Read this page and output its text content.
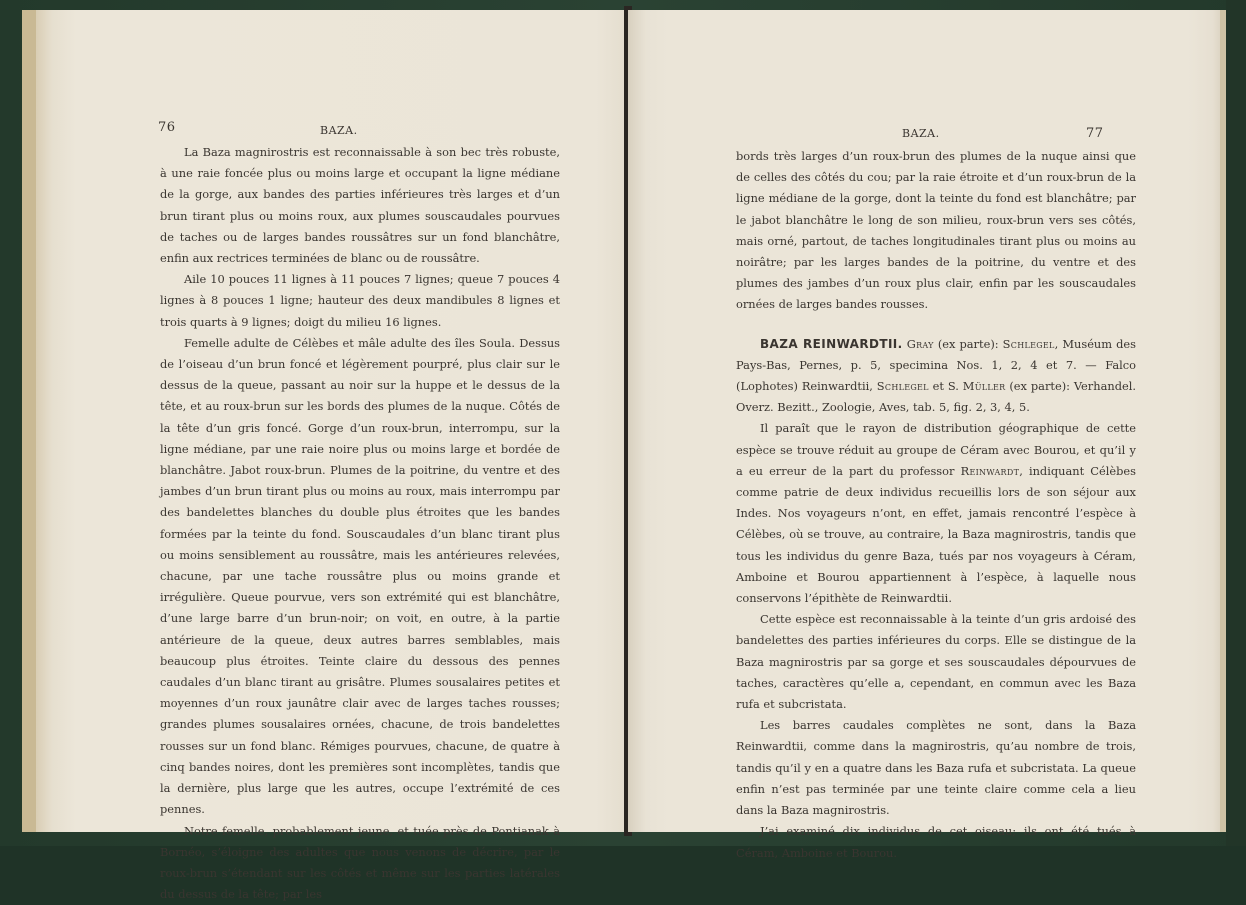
76	BAZA.

La Baza magnirostris est reconnaissable à son bec très robuste, à une raie foncée plus ou moins large et occupant la ligne médiane de la gorge, aux bandes des parties inférieures très larges et d’un brun tirant plus ou moins roux, aux plumes souscaudales pourvues de taches ou de larges bandes roussâtres sur un fond blanchâtre, enfin aux rectrices terminées de blanc ou de roussâtre.

Aile 10 pouces 11 lignes à 11 pouces 7 lignes; queue 7 pouces 4 lignes à 8 pouces 1 ligne; hauteur des deux mandibules 8 lignes et trois quarts à 9 lignes; doigt du milieu 16 lignes.

Femelle adulte de Célèbes et mâle adulte des îles Soula. Dessus de l’oiseau d’un brun foncé et légèrement pourpré, plus clair sur le dessus de la queue, passant au noir sur la huppe et le dessus de la tête, et au roux-brun sur les bords des plumes de la nuque. Côtés de la tête d’un gris foncé. Gorge d’un roux-brun, interrompu, sur la ligne médiane, par une raie noire plus ou moins large et bordée de blanchâtre. Jabot roux-brun. Plumes de la poitrine, du ventre et des jambes d’un brun tirant plus ou moins au roux, mais interrompu par des bandelettes blanches du double plus étroites que les bandes formées par la teinte du fond. Souscaudales d’un blanc tirant plus ou moins sensiblement au roussâtre, mais les antérieures relevées, chacune, par une tache roussâtre plus ou moins grande et irrégulière. Queue pourvue, vers son extrémité qui est blanchâtre, d’une large barre d’un brun-noir; on voit, en outre, à la partie antérieure de la queue, deux autres barres semblables, mais beaucoup plus étroites. Teinte claire du dessous des pennes caudales d’un blanc tirant au grisâtre. Plumes sousalaires petites et moyennes d’un roux jaunâtre clair avec de larges taches rousses; grandes plumes sousalaires ornées, chacune, de trois bandelettes rousses sur un fond blanc. Rémiges pourvues, chacune, de quatre à cinq bandes noires, dont les premières sont incomplètes, tandis que la dernière, plus large que les autres, occupe l’extrémité de ces pennes.

Notre femelle, probablement jeune, et tuée près de Pontianak à Bornéo, s’éloigne des adultes que nous venons de décrire, par le roux-brun s’étendant sur les côtés et même sur les parties latérales du dessus de la tête; par les

BAZA.	77

bords très larges d’un roux-brun des plumes de la nuque ainsi que de celles des côtés du cou; par la raie étroite et d’un roux-brun de la ligne médiane de la gorge, dont la teinte du fond est blanchâtre; par le jabot blanchâtre le long de son milieu, roux-brun vers ses côtés, mais orné, partout, de taches longitudinales tirant plus ou moins au noirâtre; par les larges bandes de la poitrine, du ventre et des plumes des jambes d’un roux plus clair, enfin par les souscaudales ornées de larges bandes rousses.

BAZA REINWARDTII. Gray (ex parte): Schlegel, Muséum des Pays-Bas, Pernes, p. 5, specimina Nos. 1, 2, 4 et 7. — Falco (Lophotes) Reinwardtii, Schlegel et S. Müller (ex parte): Verhandel. Overz. Bezitt., Zoologie, Aves, tab. 5, fig. 2, 3, 4, 5.

Il paraît que le rayon de distribution géographique de cette espèce se trouve réduit au groupe de Céram avec Bourou, et qu’il y a eu erreur de la part du professor Reinwardt, indiquant Célèbes comme patrie de deux individus recueillis lors de son séjour aux Indes. Nos voyageurs n’ont, en effet, jamais rencontré l’espèce à Célèbes, où se trouve, au contraire, la Baza magnirostris, tandis que tous les individus du genre Baza, tués par nos voyageurs à Céram, Amboine et Bourou appartiennent à l’espèce, à laquelle nous conservons l’épithète de Reinwardtii.

Cette espèce est reconnaissable à la teinte d’un gris ardoisé des bandelettes des parties inférieures du corps. Elle se distingue de la Baza magnirostris par sa gorge et ses souscaudales dépourvues de taches, caractères qu’elle a, cependant, en commun avec les Baza rufa et subcristata.

Les barres caudales complètes ne sont, dans la Baza Reinwardtii, comme dans la magnirostris, qu’au nombre de trois, tandis qu’il y en a quatre dans les Baza rufa et subcristata. La queue enfin n’est pas terminée par une teinte claire comme cela a lieu dans la Baza magnirostris.

J’ai examiné dix individus de cet oiseau; ils ont été tués à Céram, Amboine et Bourou.
